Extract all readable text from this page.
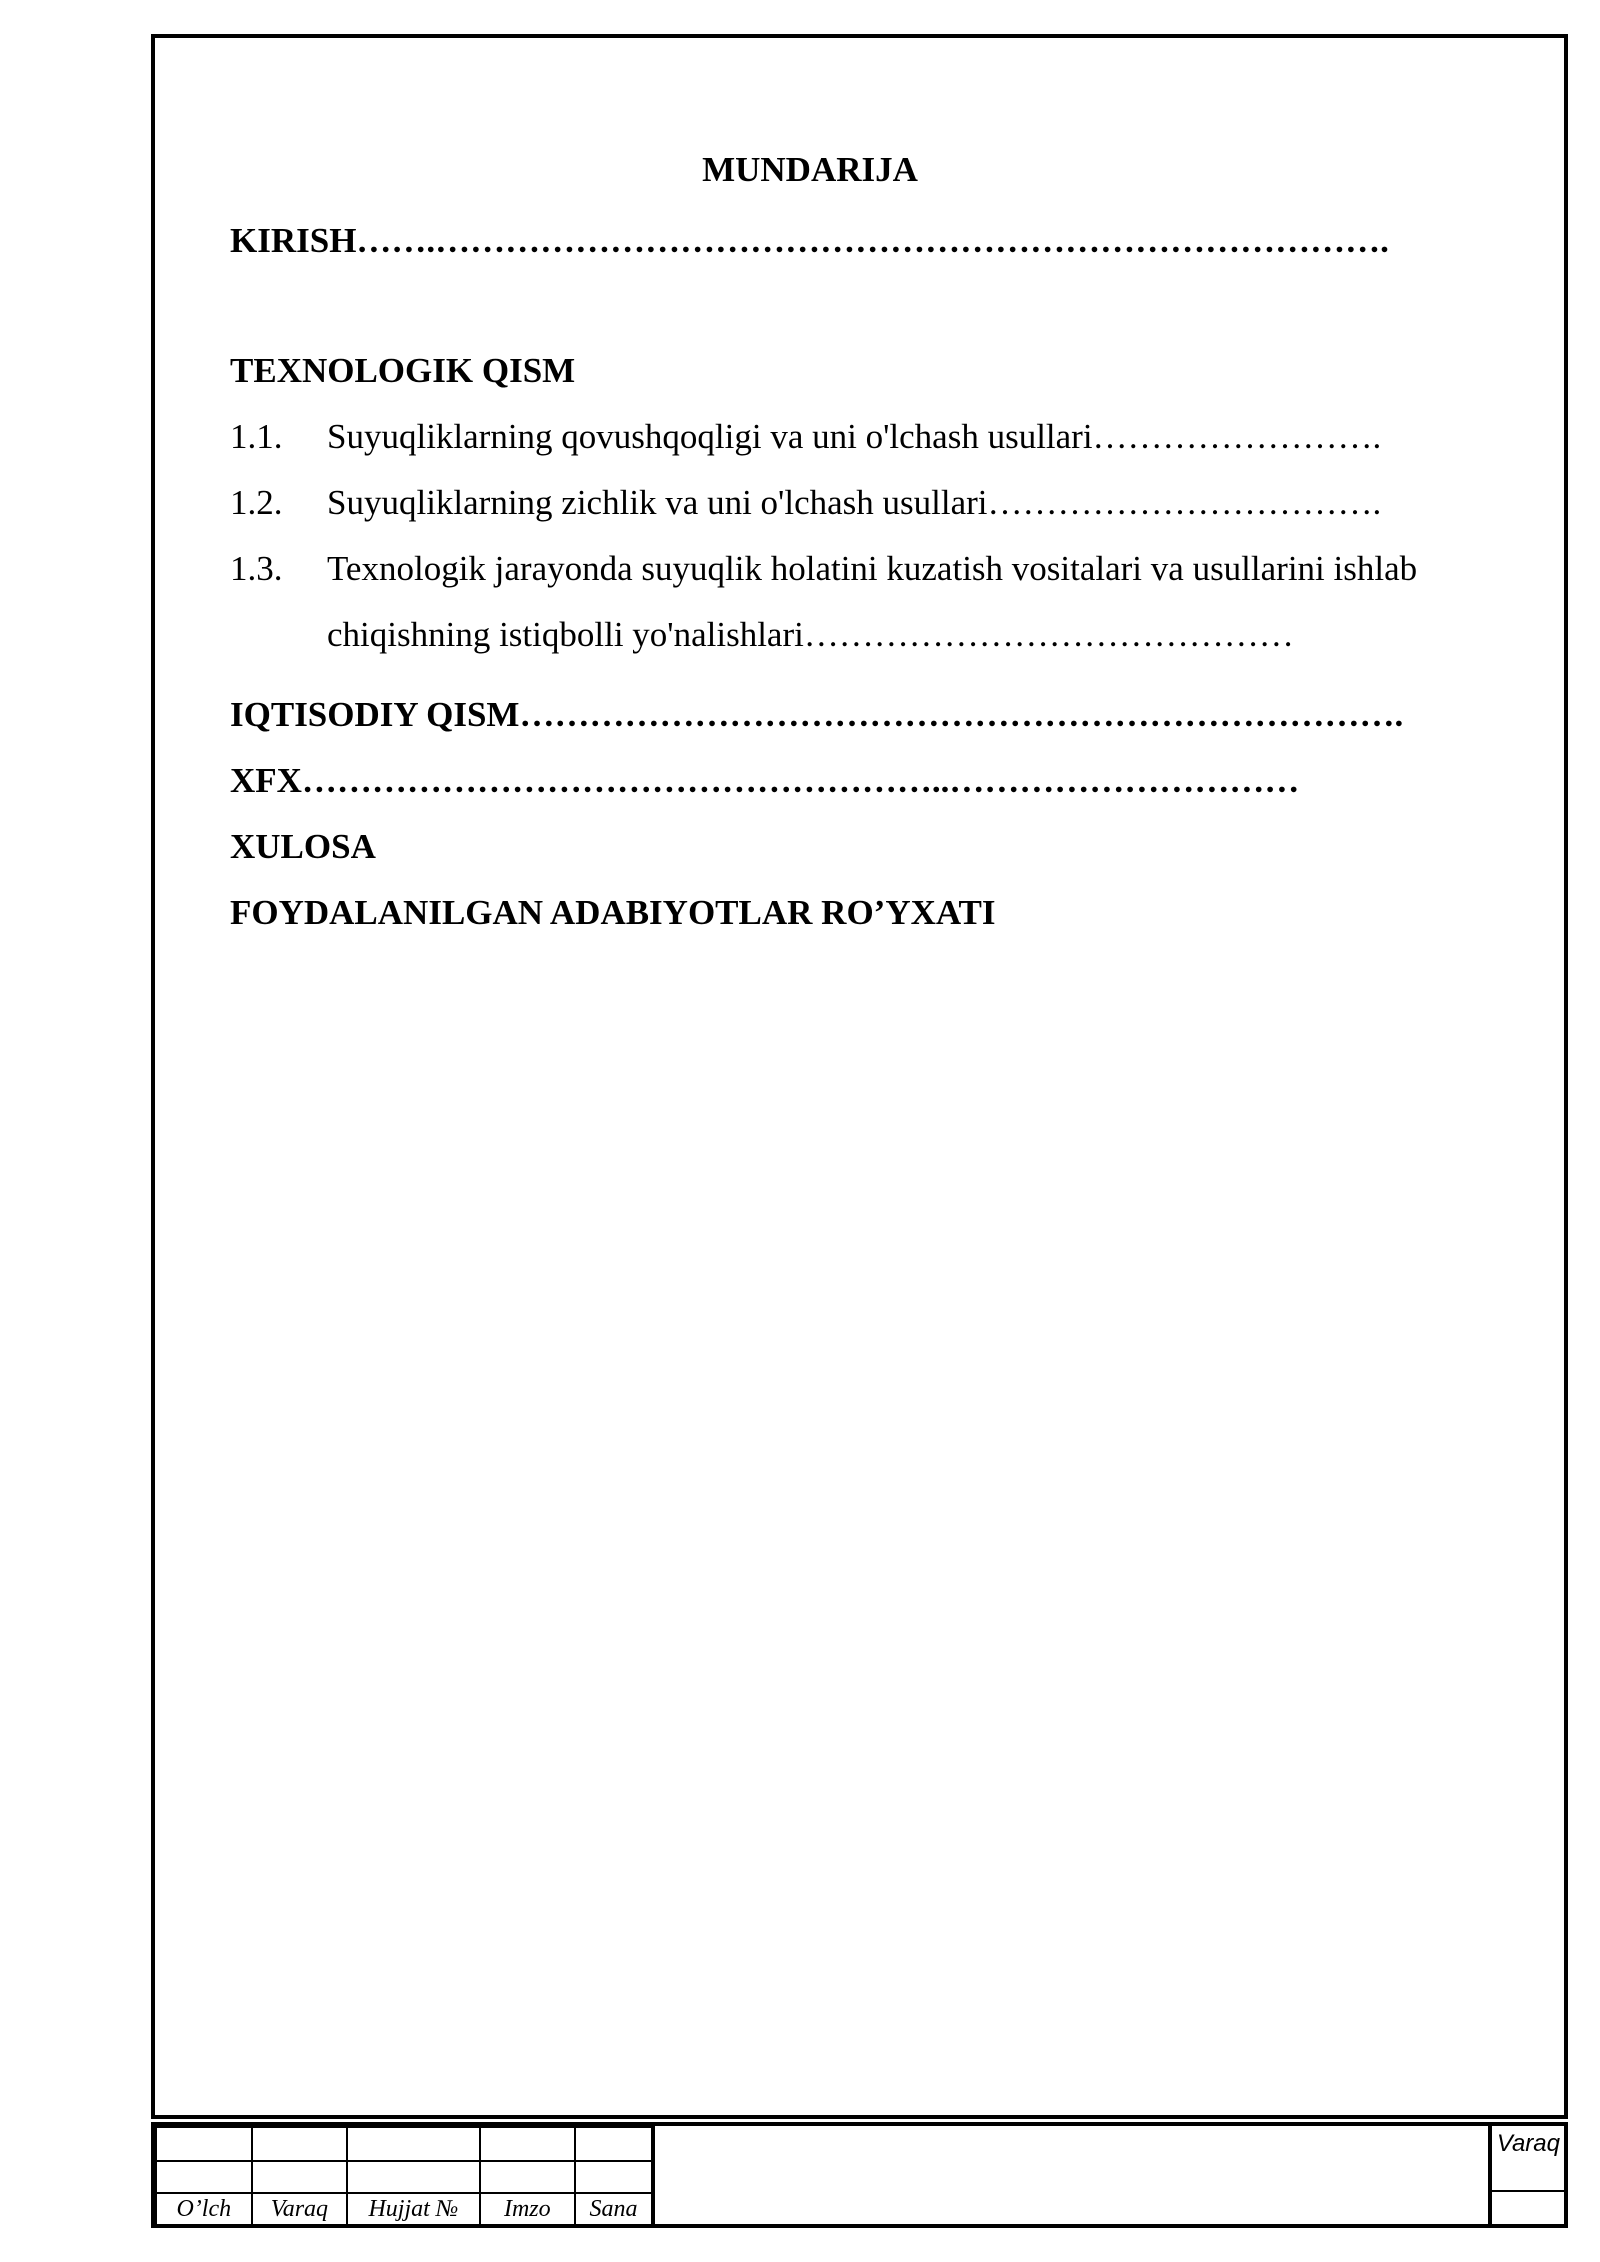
MUNDARIJA
KIRISH…….……………………………………………………………………….
TEXNOLOGIK QISM
1.1.	Suyuqliklarning qovushqoqligi va uni o'lchash usullari…………………….
1.2.	Suyuqliklarning zichlik va uni o'lchash usullari…………………………….
1.3.	Texnologik jarayonda suyuqlik holatini kuzatish vositalari va usullarini ishlab chiqishning istiqbolli yo'nalishlari……………………………………
IQTISODIY QISM………………………………………………………………….
XFX………………………………………………..…………………………
XULOSA
FOYDALANILGAN ADABIYOTLAR RO’YXATI

O’lch	Varaq	Hujjat №	Imzo	Sana
Varaq
